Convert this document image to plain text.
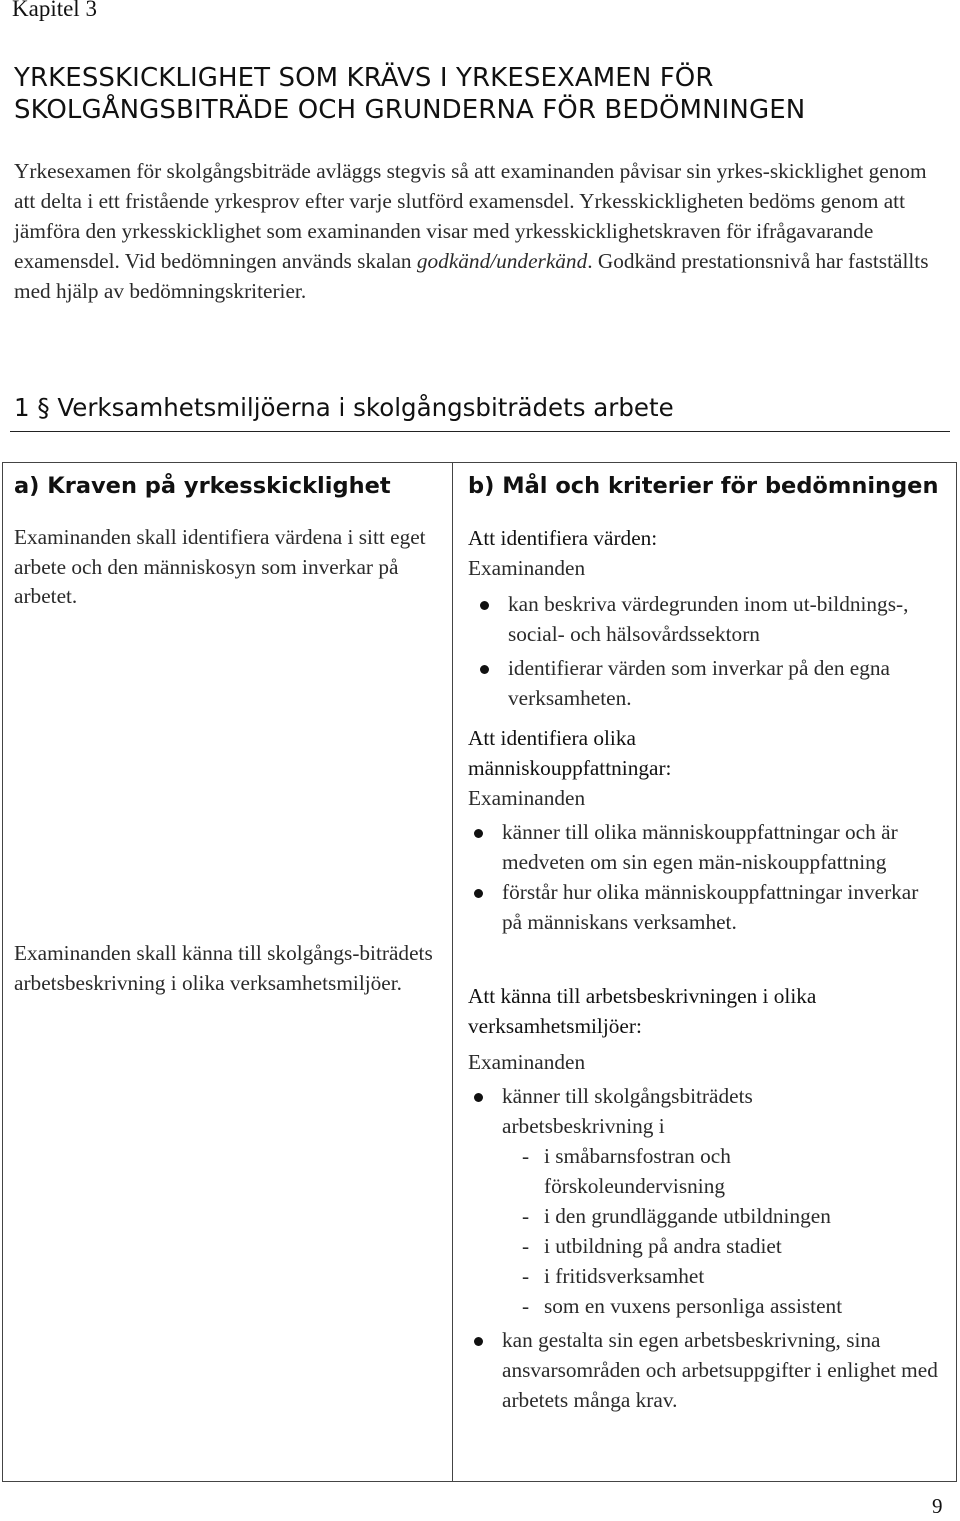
Kapitel 3
YRKESSKICKLIGHET SOM KRÄVS I YRKESEXAMEN FÖR
SKOLGÅNGSBITRÄDE OCH GRUNDERNA FÖR BEDÖMNINGEN

Yrkesexamen för skolgångsbiträde avläggs stegvis så att examinanden påvisar sin yrkes-skicklighet genom att delta i ett fristående yrkesprov efter varje slutförd examensdel. Yrkesskickligheten bedöms genom att jämföra den yrkesskicklighet som examinanden visar med yrkesskicklighetskraven för ifrågavarande examensdel. Vid bedömningen används skalan godkänd/underkänd. Godkänd prestationsnivå har fastställts med hjälp av bedömningskriterier.

1 § Verksamhetsmiljöerna i skolgångsbiträdets arbete
a) Kraven på yrkesskicklighet	b) Mål och kriterier för bedömningen
Examinanden skall identifiera värdena i sitt eget arbete och den människosyn som inverkar på arbetet.
Examinanden skall känna till skolgångs-biträdets arbetsbeskrivning i olika verksamhetsmiljöer.
Att identifiera värden:
Examinanden
kan beskriva värdegrunden inom ut-bildnings-, social- och hälsovårdssektorn
identifierar värden som inverkar på den egna verksamheten.
Att identifiera olika människouppfattningar:
Examinanden
känner till olika människouppfattningar och är medveten om sin egen män-niskouppfattning
förstår hur olika människouppfattningar inverkar på människans verksamhet.
Att känna till arbetsbeskrivningen i olika verksamhetsmiljöer:
Examinanden
känner till skolgångsbiträdets arbetsbeskrivning i
- i småbarnsfostran och förskoleundervisning
- i den grundläggande utbildningen
- i utbildning på andra stadiet
- i fritidsverksamhet
- som en vuxens personliga assistent
kan gestalta sin egen arbetsbeskrivning, sina ansvarsområden och arbetsuppgifter i enlighet med arbetets många krav.
9
